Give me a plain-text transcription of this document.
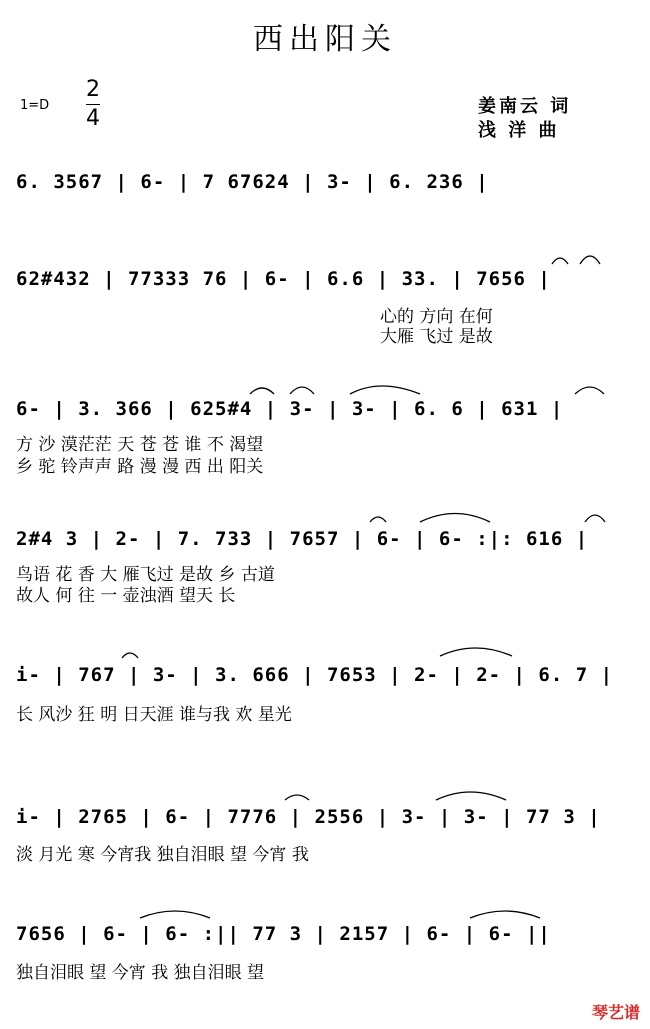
西出阳关
1=D
2
4	姜南云 词
浅 洋 曲
6. 3567 | 6- | 7 67624 | 3- | 6. 236 |
62#432 | 77333 76 | 6- | 6.6 | 33. | 7656 |
心的 方向 在何
大雁 飞过 是故
6- | 3. 366 | 625#4 | 3- | 3- | 6. 6 | 631 |
方 沙 漠茫茫 天 苍 苍 谁 不 渴望
乡 驼 铃声声 路 漫 漫 西 出 阳关
2#4 3 | 2- | 7. 733 | 7657 | 6- | 6- :|: 616 |
鸟语 花 香 大 雁飞过 是故 乡 古道
故人 何 往 一 壶浊酒 望天 长
i- | 767 | 3- | 3. 666 | 7653 | 2- | 2- | 6. 7 |
长 风沙 狂 明 日天涯 谁与我 欢 星光
i- | 2765 | 6- | 7776 | 2556 | 3- | 3- | 77 3 |
淡 月光 寒 今宵我 独自泪眼 望 今宵 我
7656 | 6- | 6- :|| 77 3 | 2157 | 6- | 6- ||
独自泪眼 望 今宵 我 独自泪眼 望
琴艺谱
